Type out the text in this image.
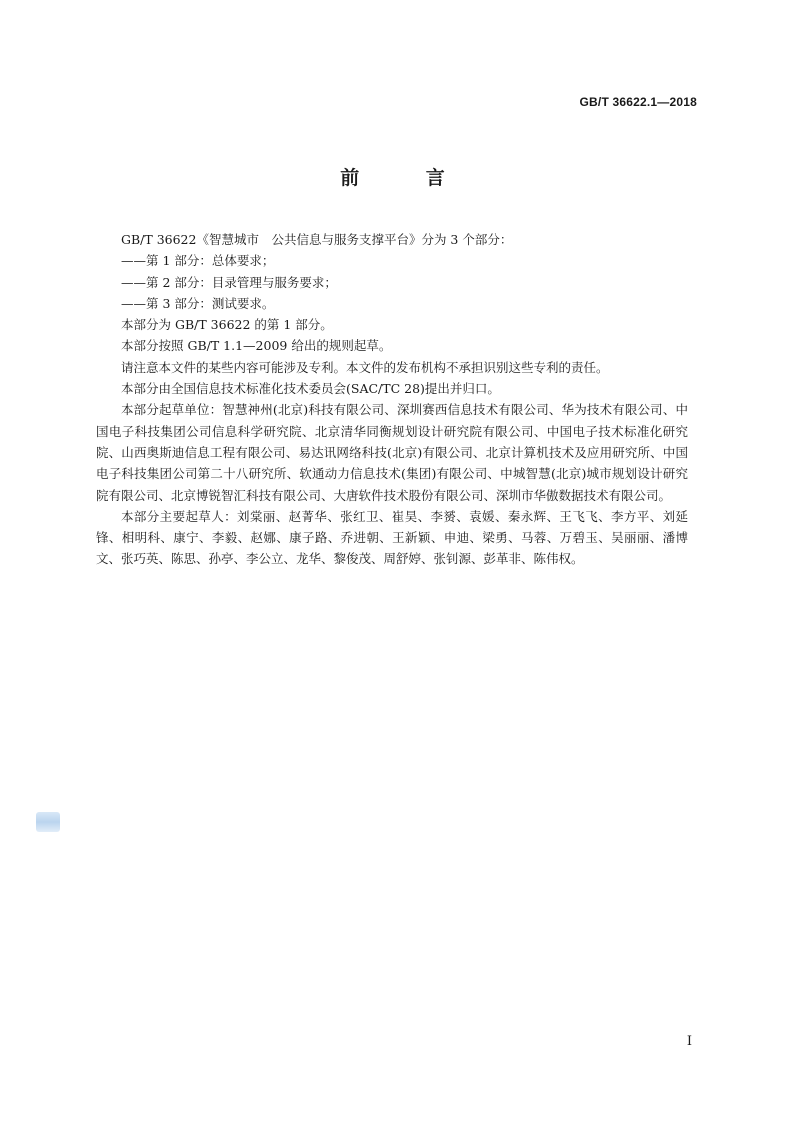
GB/T 36622.1—2018
前 言

GB/T 36622《智慧城市　公共信息与服务支撑平台》分为 3 个部分：

——第 1 部分：总体要求；

——第 2 部分：目录管理与服务要求；

——第 3 部分：测试要求。

本部分为 GB/T 36622 的第 1 部分。

本部分按照 GB/T 1.1—2009 给出的规则起草。

请注意本文件的某些内容可能涉及专利。本文件的发布机构不承担识别这些专利的责任。

本部分由全国信息技术标准化技术委员会(SAC/TC 28)提出并归口。

本部分起草单位：智慧神州(北京)科技有限公司、深圳赛西信息技术有限公司、华为技术有限公司、中国电子科技集团公司信息科学研究院、北京清华同衡规划设计研究院有限公司、中国电子技术标准化研究院、山西奥斯迪信息工程有限公司、易达讯网络科技(北京)有限公司、北京计算机技术及应用研究所、中国电子科技集团公司第二十八研究所、软通动力信息技术(集团)有限公司、中城智慧(北京)城市规划设计研究院有限公司、北京博锐智汇科技有限公司、大唐软件技术股份有限公司、深圳市华傲数据技术有限公司。

本部分主要起草人：刘棠丽、赵菁华、张红卫、崔昊、李赟、袁媛、秦永辉、王飞飞、李方平、刘延锋、相明科、康宁、李毅、赵娜、康子路、乔进朝、王新颖、申迪、梁勇、马蓉、万碧玉、吴丽丽、潘博文、张巧英、陈思、孙亭、李公立、龙华、黎俊茂、周舒婷、张钊源、彭革非、陈伟权。

I
